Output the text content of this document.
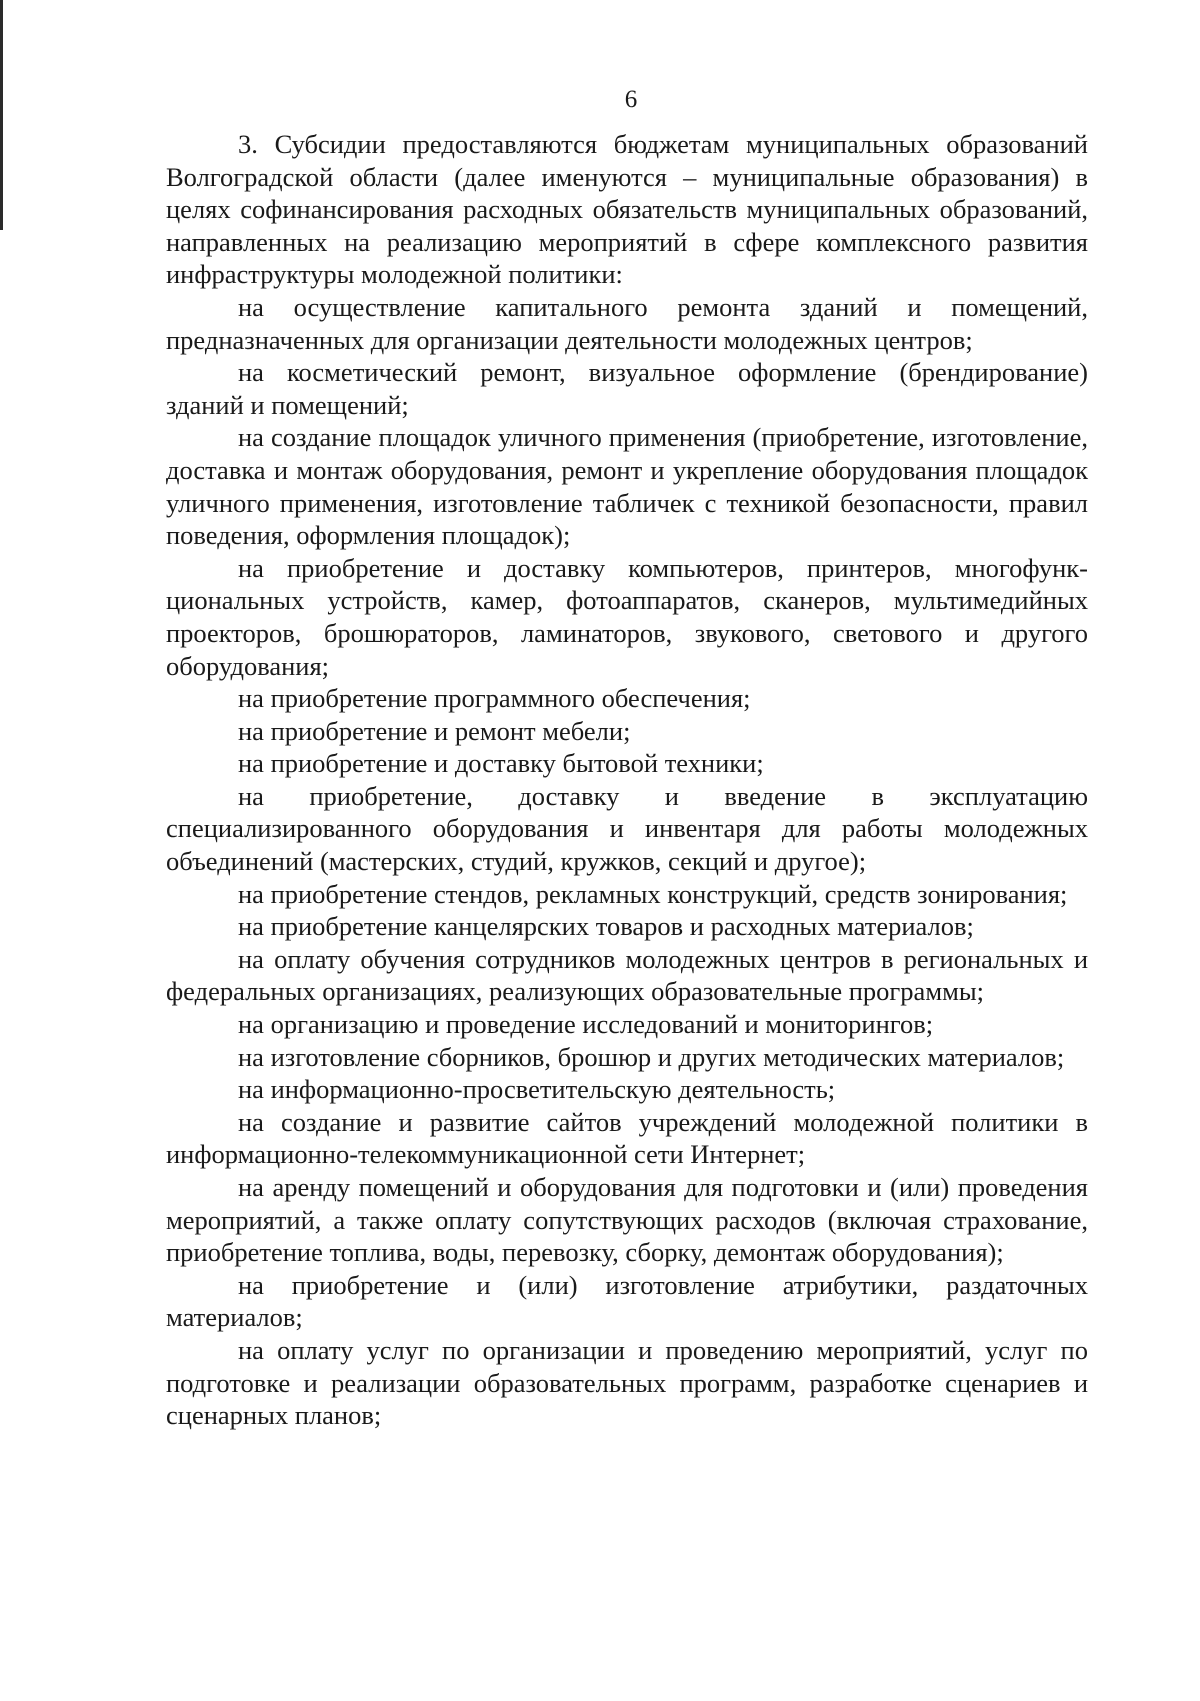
6

3. Субсидии предоставляются бюджетам муниципальных образований Волгоградской области (далее именуются – муниципальные образования) в целях софинансирования расходных обязательств муниципальных образований, направленных на реализацию мероприятий в сфере комплексного развития инфраструктуры молодежной политики:

на осуществление капитального ремонта зданий и помещений, предназначенных для организации деятельности молодежных центров;

на косметический ремонт, визуальное оформление (брендирование) зданий и помещений;

на создание площадок уличного применения (приобретение, изготовление, доставка и монтаж оборудования, ремонт и укрепление оборудования площадок уличного применения, изготовление табличек с техникой безопасности, правил поведения, оформления площадок);

на приобретение и доставку компьютеров, принтеров, многофункциональных устройств, камер, фотоаппаратов, сканеров, мультимедийных проекторов, брошюраторов, ламинаторов, звукового, светового и другого оборудования;

на приобретение программного обеспечения;

на приобретение и ремонт мебели;

на приобретение и доставку бытовой техники;

на приобретение, доставку и введение в эксплуатацию специализированного оборудования и инвентаря для работы молодежных объединений (мастерских, студий, кружков, секций и другое);

на приобретение стендов, рекламных конструкций, средств зонирования;

на приобретение канцелярских товаров и расходных материалов;

на оплату обучения сотрудников молодежных центров в региональных и федеральных организациях, реализующих образовательные программы;

на организацию и проведение исследований и мониторингов;

на изготовление сборников, брошюр и других методических материалов;

на информационно-просветительскую деятельность;

на создание и развитие сайтов учреждений молодежной политики в информационно-телекоммуникационной сети Интернет;

на аренду помещений и оборудования для подготовки и (или) проведения мероприятий, а также оплату сопутствующих расходов (включая страхование, приобретение топлива, воды, перевозку, сборку, демонтаж оборудования);

на приобретение и (или) изготовление атрибутики, раздаточных материалов;

на оплату услуг по организации и проведению мероприятий, услуг по подготовке и реализации образовательных программ, разработке сценариев и сценарных планов;
